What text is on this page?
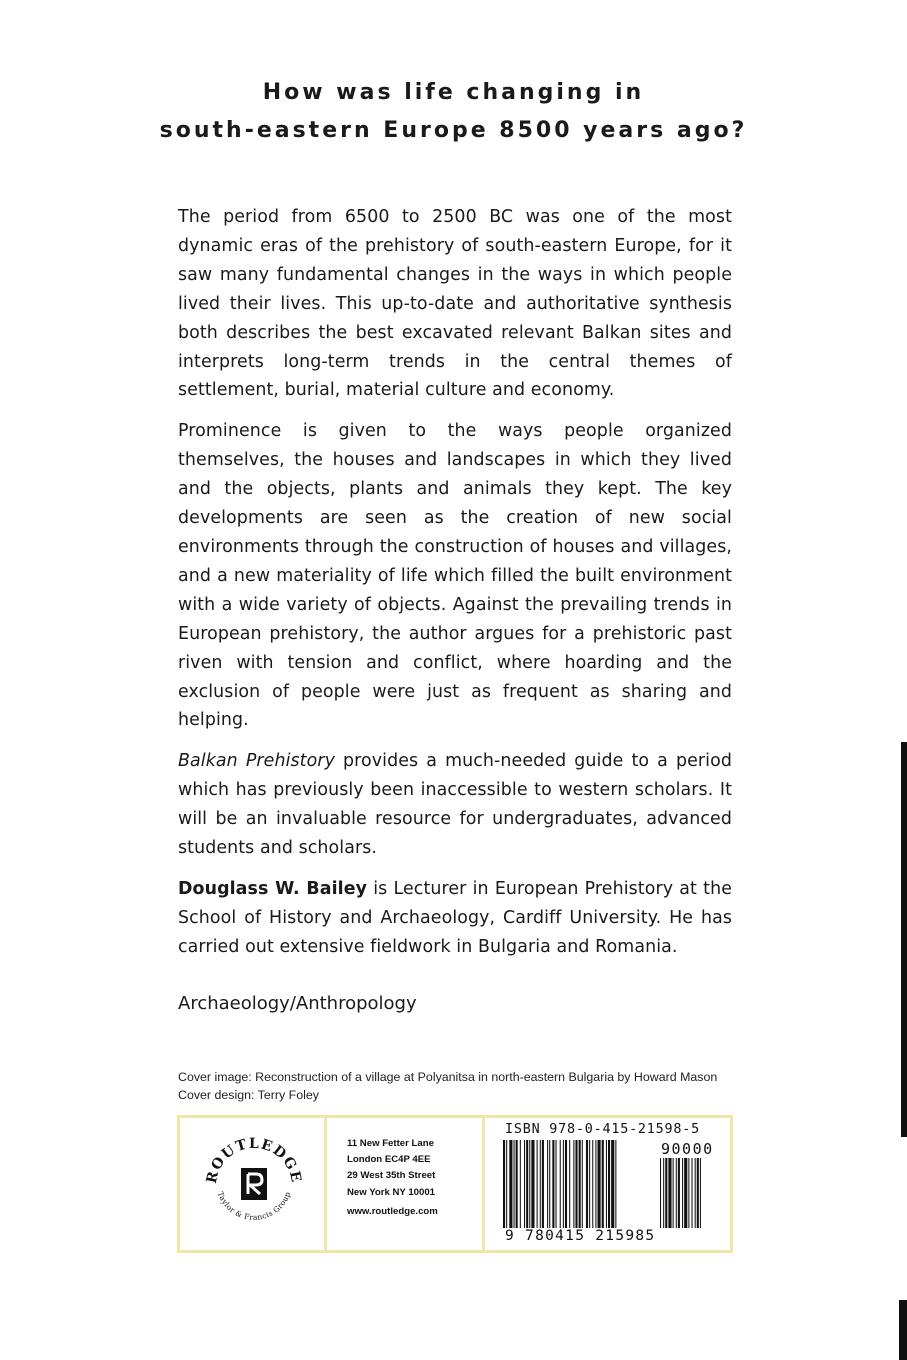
How was life changing in
south-eastern Europe 8500 years ago?

The period from 6500 to 2500 BC was one of the most dynamic eras of the prehistory of south-eastern Europe, for it saw many fundamental changes in the ways in which people lived their lives. This up-to-date and authoritative synthesis both describes the best excavated relevant Balkan sites and interprets long-term trends in the central themes of settlement, burial, material culture and economy.

Prominence is given to the ways people organized themselves, the houses and landscapes in which they lived and the objects, plants and animals they kept. The key developments are seen as the creation of new social environments through the construction of houses and villages, and a new materiality of life which filled the built environment with a wide variety of objects. Against the prevailing trends in European prehistory, the author argues for a prehistoric past riven with tension and conflict, where hoarding and the exclusion of people were just as frequent as sharing and helping.

Balkan Prehistory provides a much-needed guide to a period which has previously been inaccessible to western scholars. It will be an invaluable resource for undergraduates, advanced students and scholars.

Douglass W. Bailey is Lecturer in European Prehistory at the School of History and Archaeology, Cardiff University. He has carried out extensive fieldwork in Bulgaria and Romania.

Archaeology/Anthropology
Cover image: Reconstruction of a village at Polyanitsa in north-eastern Bulgaria by Howard Mason
Cover design: Terry Foley
ROUTLEDGE
Taylor & Francis Group
11 New Fetter Lane
London EC4P 4EE
29 West 35th Street
New York NY 10001
www.routledge.com
ISBN 978-0-415-21598-5
90000
9 780415 215985
